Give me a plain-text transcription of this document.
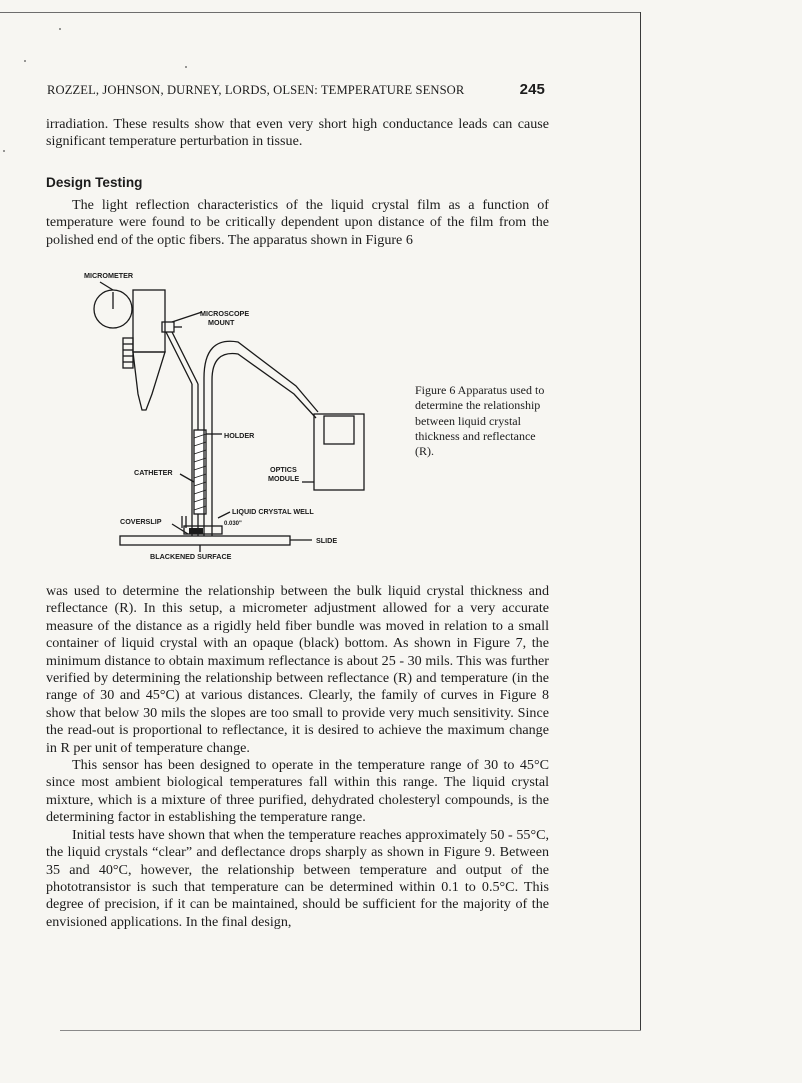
ROZZEL, JOHNSON, DURNEY, LORDS, OLSEN: TEMPERATURE SENSOR	245

irradiation. These results show that even very short high conductance leads can cause significant temperature perturbation in tissue.

Design Testing

The light reflection characteristics of the liquid crystal film as a function of temperature were found to be critically dependent upon distance of the film from the polished end of the optic fibers. The apparatus shown in Figure 6

MICROMETER
MICROSCOPE
MOUNT
HOLDER
OPTICS
MODULE
CATHETER
COVERSLIP
LIQUID CRYSTAL WELL
0.030"
SLIDE
BLACKENED SURFACE
Figure 6 Apparatus used to determine the relationship between liquid crystal thickness and reflectance (R).

was used to determine the relationship between the bulk liquid crystal thickness and reflectance (R). In this setup, a micrometer adjustment allowed for a very accurate measure of the distance as a rigidly held fiber bundle was moved in relation to a small container of liquid crystal with an opaque (black) bottom. As shown in Figure 7, the minimum distance to obtain maximum reflectance is about 25 - 30 mils. This was further verified by determining the relationship between reflectance (R) and temperature (in the range of 30 and 45°C) at various distances. Clearly, the family of curves in Figure 8 show that below 30 mils the slopes are too small to provide very much sensitivity. Since the read-out is proportional to reflectance, it is desired to achieve the maximum change in R per unit of temperature change.

This sensor has been designed to operate in the temperature range of 30 to 45°C since most ambient biological temperatures fall within this range. The liquid crystal mixture, which is a mixture of three purified, dehydrated cholesteryl compounds, is the determining factor in establishing the temperature range.

Initial tests have shown that when the temperature reaches approximately 50 - 55°C, the liquid crystals “clear” and deflectance drops sharply as shown in Figure 9. Between 35 and 40°C, however, the relationship between temperature and output of the phototransistor is such that temperature can be determined within 0.1 to 0.5°C. This degree of precision, if it can be maintained, should be sufficient for the majority of the envisioned applications. In the final design,
